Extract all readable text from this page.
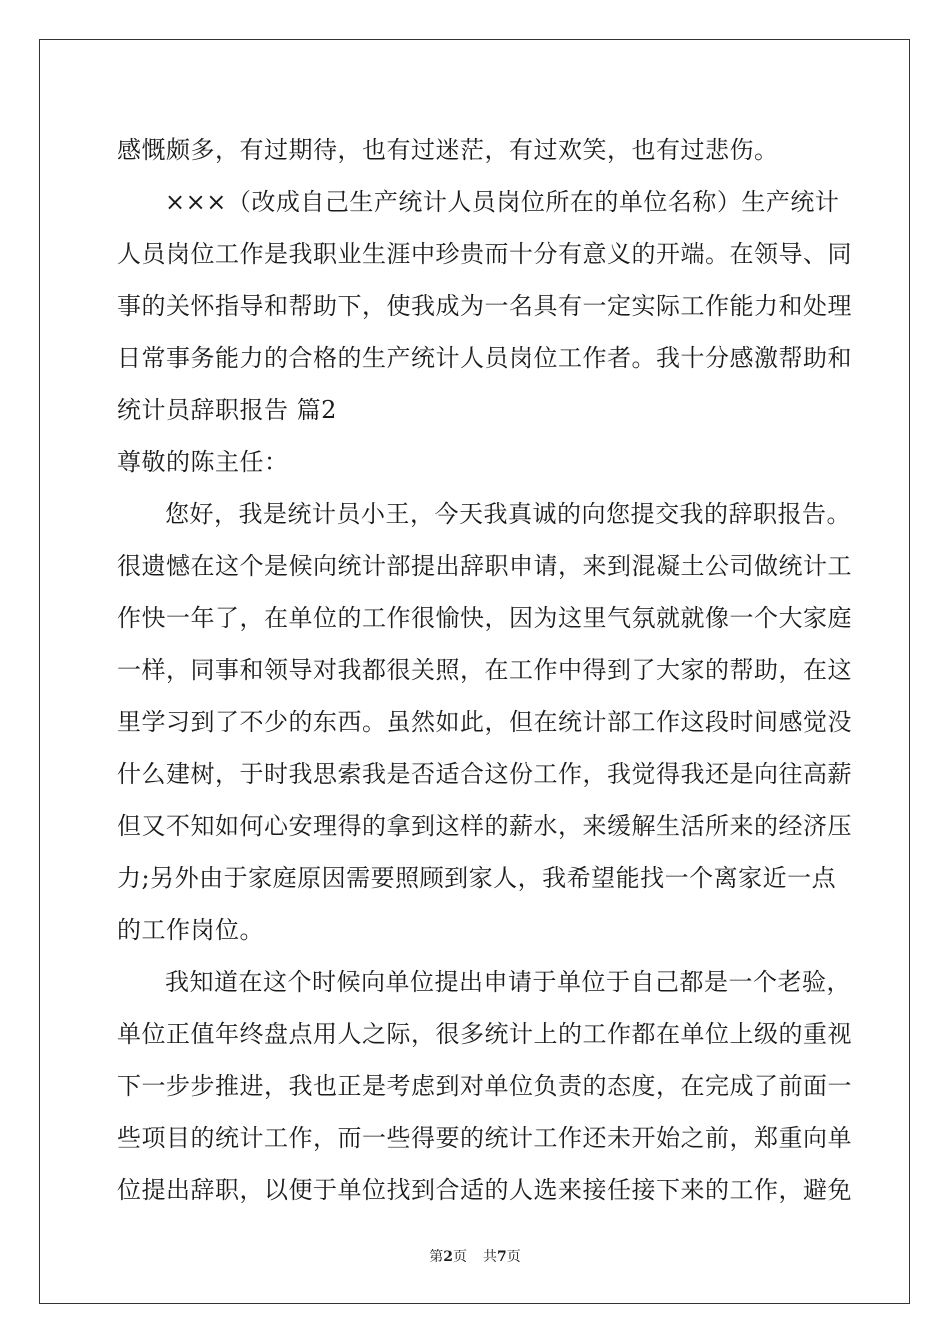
感慨颇多，有过期待，也有过迷茫，有过欢笑，也有过悲伤。
×××（改成自己生产统计人员岗位所在的单位名称）生产统计
人员岗位工作是我职业生涯中珍贵而十分有意义的开端。在领导、同
事的关怀指导和帮助下，使我成为一名具有一定实际工作能力和处理
日常事务能力的合格的生产统计人员岗位工作者。我十分感激帮助和
统计员辞职报告 篇2
尊敬的陈主任：
您好，我是统计员小王，今天我真诚的向您提交我的辞职报告。
很遗憾在这个是候向统计部提出辞职申请，来到混凝土公司做统计工
作快一年了，在单位的工作很愉快，因为这里气氛就就像一个大家庭
一样，同事和领导对我都很关照，在工作中得到了大家的帮助，在这
里学习到了不少的东西。虽然如此，但在统计部工作这段时间感觉没
什么建树，于时我思索我是否适合这份工作，我觉得我还是向往高薪
但又不知如何心安理得的拿到这样的薪水，来缓解生活所来的经济压
力;另外由于家庭原因需要照顾到家人，我希望能找一个离家近一点
的工作岗位。
我知道在这个时候向单位提出申请于单位于自己都是一个老验，
单位正值年终盘点用人之际，很多统计上的工作都在单位上级的重视
下一步步推进，我也正是考虑到对单位负责的态度，在完成了前面一
些项目的统计工作，而一些得要的统计工作还未开始之前，郑重向单
位提出辞职，以便于单位找到合适的人选来接任接下来的工作，避免
第2页 共7页
